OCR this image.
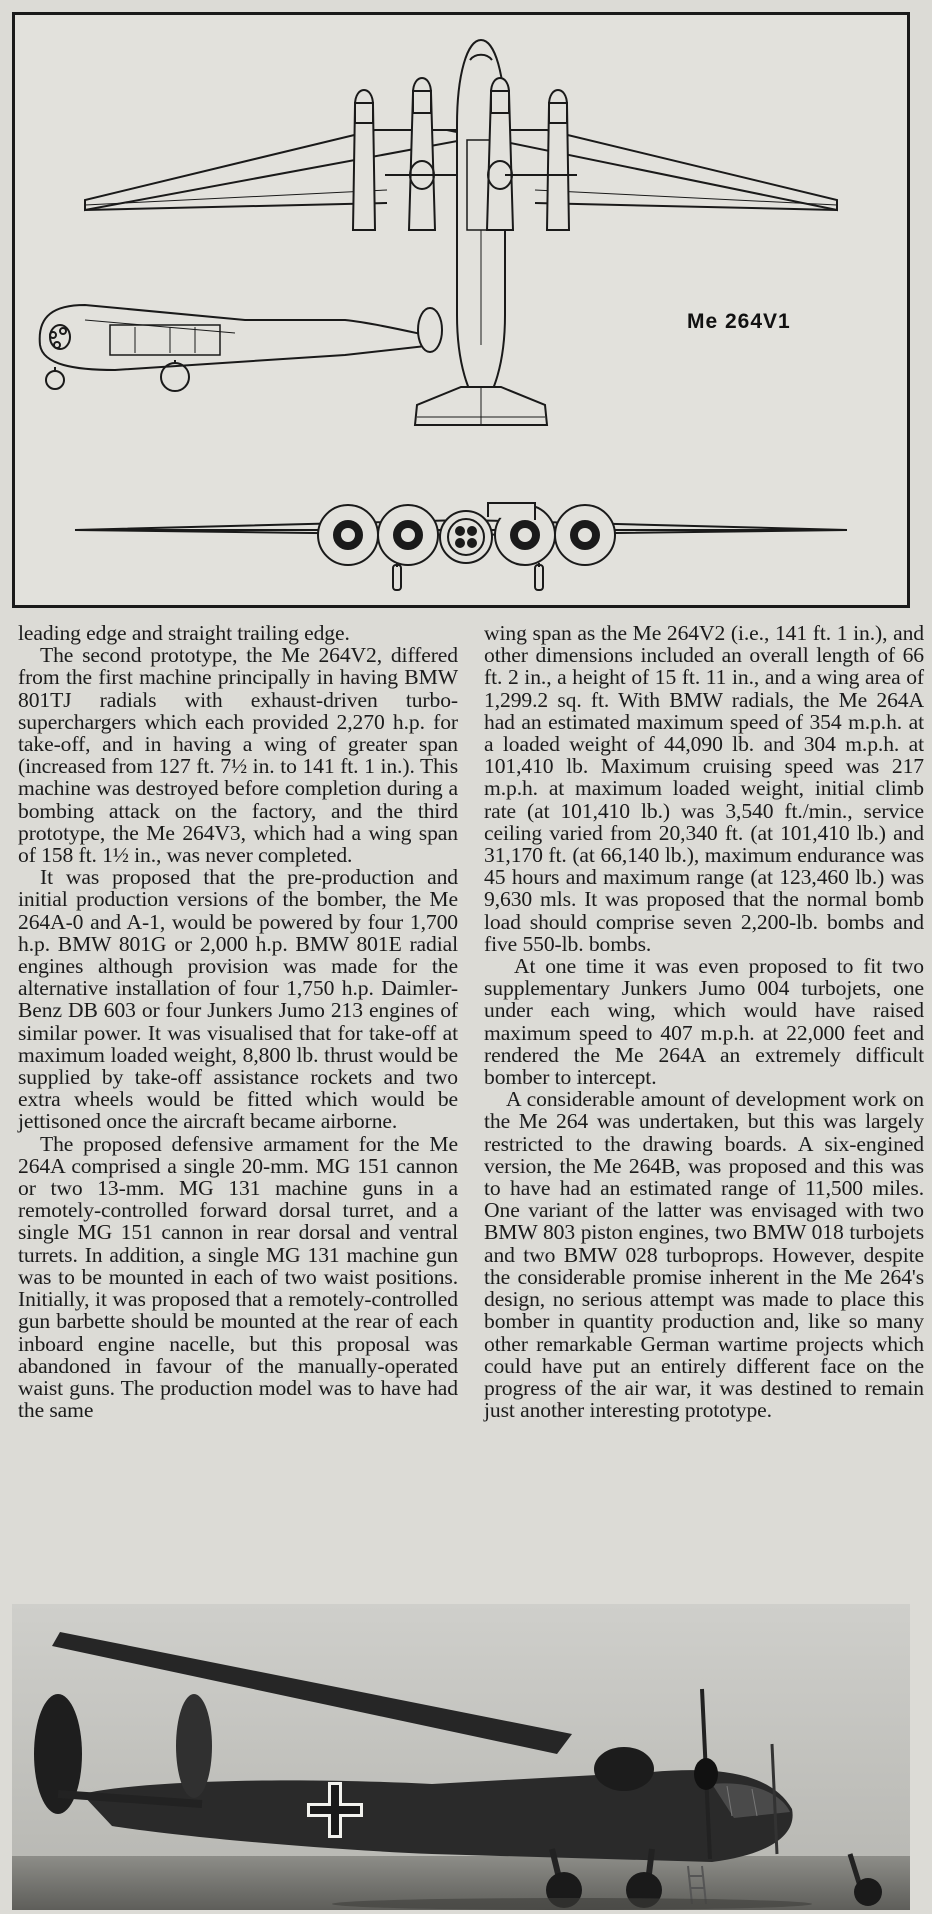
Me 264V1

leading edge and straight trailing edge.

The second prototype, the Me 264V2, differed from the first machine principally in having BMW 801TJ radials with exhaust-driven turbo-superchargers which each provided 2,270 h.p. for take-off, and in having a wing of greater span (increased from 127 ft. 7½ in. to 141 ft. 1 in.). This machine was destroyed before completion during a bombing attack on the factory, and the third prototype, the Me 264V3, which had a wing span of 158 ft. 1½ in., was never completed.

It was proposed that the pre-production and initial production versions of the bomber, the Me 264A-0 and A-1, would be powered by four 1,700 h.p. BMW 801G or 2,000 h.p. BMW 801E radial engines although provision was made for the alternative installation of four 1,750 h.p. Daimler-Benz DB 603 or four Junkers Jumo 213 engines of similar power. It was visualised that for take-off at maximum loaded weight, 8,800 lb. thrust would be supplied by take-off assistance rockets and two extra wheels would be fitted which would be jettisoned once the aircraft became airborne.

The proposed defensive armament for the Me 264A comprised a single 20-mm. MG 151 cannon or two 13-mm. MG 131 machine guns in a remotely-controlled forward dorsal turret, and a single MG 151 cannon in rear dorsal and ventral turrets. In addition, a single MG 131 machine gun was to be mounted in each of two waist positions. Initially, it was proposed that a remotely-controlled gun barbette should be mounted at the rear of each inboard engine nacelle, but this proposal was abandoned in favour of the manually-operated waist guns. The production model was to have had the same

wing span as the Me 264V2 (i.e., 141 ft. 1 in.), and other dimensions included an overall length of 66 ft. 2 in., a height of 15 ft. 11 in., and a wing area of 1,299.2 sq. ft. With BMW radials, the Me 264A had an estimated maximum speed of 354 m.p.h. at a loaded weight of 44,090 lb. and 304 m.p.h. at 101,410 lb. Maximum cruising speed was 217 m.p.h. at maximum loaded weight, initial climb rate (at 101,410 lb.) was 3,540 ft./min., service ceiling varied from 20,340 ft. (at 101,410 lb.) and 31,170 ft. (at 66,140 lb.), maximum endurance was 45 hours and maximum range (at 123,460 lb.) was 9,630 mls. It was proposed that the normal bomb load should comprise seven 2,200-lb. bombs and five 550-lb. bombs.

At one time it was even proposed to fit two supplementary Junkers Jumo 004 turbojets, one under each wing, which would have raised maximum speed to 407 m.p.h. at 22,000 feet and rendered the Me 264A an extremely difficult bomber to intercept.

A considerable amount of development work on the Me 264 was undertaken, but this was largely restricted to the drawing boards. A six-engined version, the Me 264B, was proposed and this was to have had an estimated range of 11,500 miles. One variant of the latter was envisaged with two BMW 803 piston engines, two BMW 018 turbojets and two BMW 028 turboprops. However, despite the considerable promise inherent in the Me 264's design, no serious attempt was made to place this bomber in quantity production and, like so many other remarkable German wartime projects which could have put an entirely different face on the progress of the air war, it was destined to remain just another interesting prototype.
